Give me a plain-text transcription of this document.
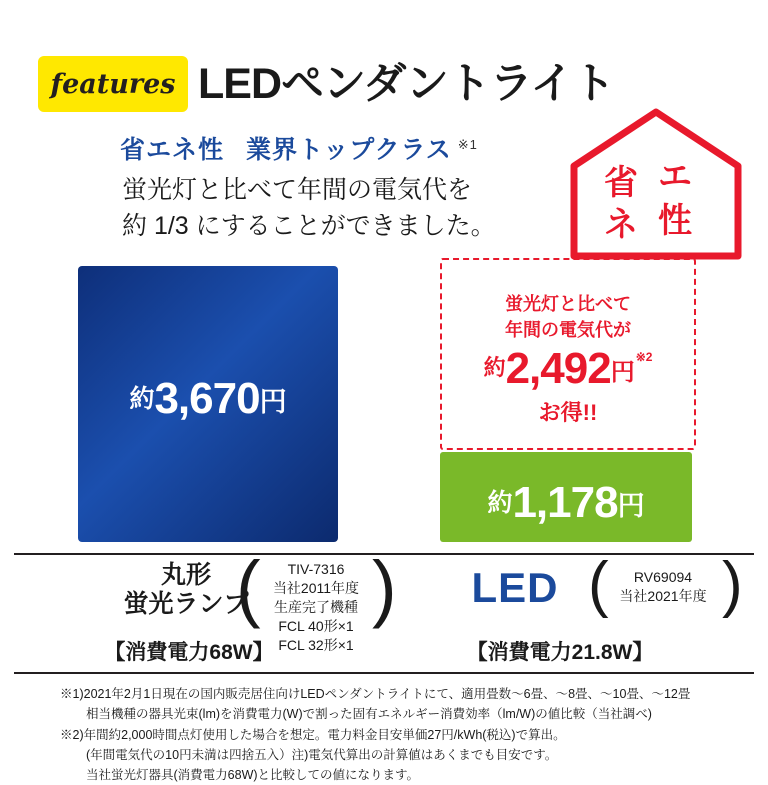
features LEDペンダントライト
省エネ性 業界トップクラス $^{※1}$
蛍光灯と比べて年間の電気代を
約 1/3 にすることができました。
省 エ
ネ 性
約3,670円
蛍光灯と比べて
年間の電気代が
約2,492円$^{※2}$
お得!!
約1,178円
丸形
蛍光ランプ
( )
TIV-7316
当社2011年度
生産完了機種
FCL 40形×1
FCL 32形×1
【消費電力68W】
LED ( )
RV69094
当社2021年度
【消費電力21.8W】
※1)2021年2月1日現在の国内販売居住向けLEDペンダントライトにて、適用畳数〜6畳、〜8畳、〜10畳、〜12畳
相当機種の器具光束(lm)を消費電力(W)で割った固有エネルギー消費効率（lm/W)の値比較（当社調べ)
※2)年間約2,000時間点灯使用した場合を想定。電力料金目安単価27円/kWh(税込)で算出。
(年間電気代の10円未満は四捨五入）注)電気代算出の計算値はあくまでも目安です。
当社蛍光灯器具(消費電力68W)と比較しての値になります。
